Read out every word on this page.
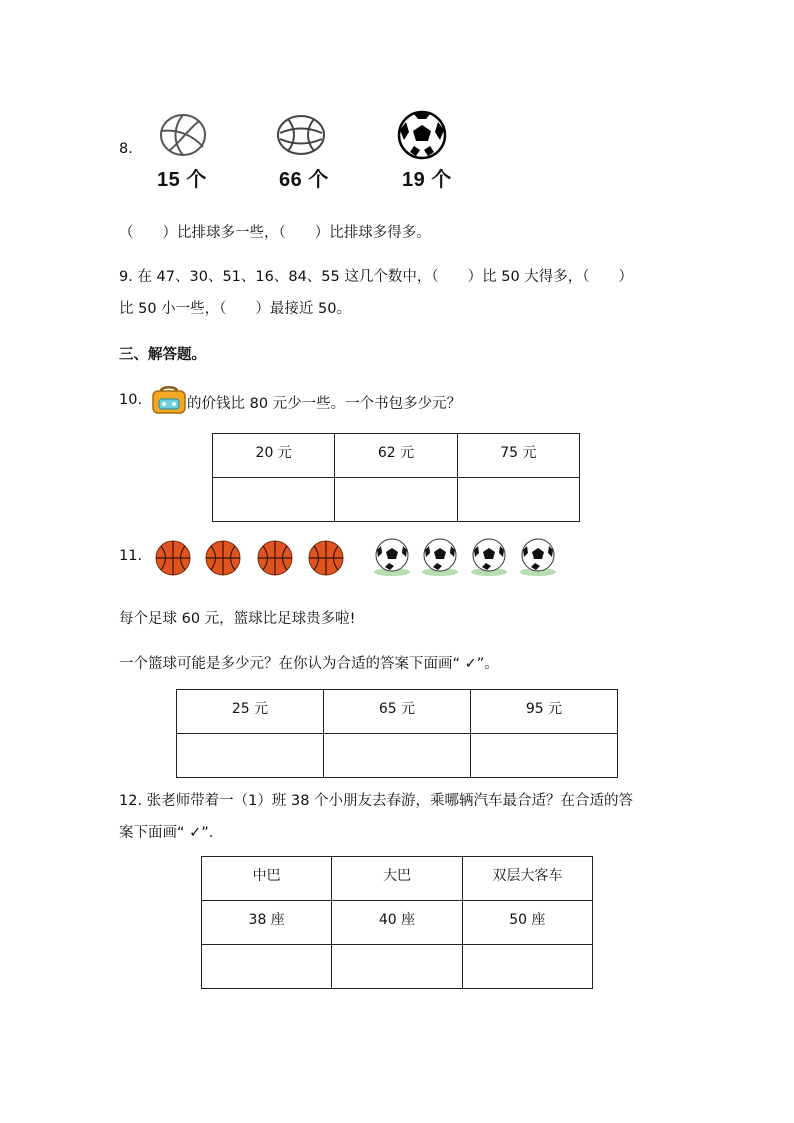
8.
15 个	66 个	19 个
（　　）比排球多一些，（　　）比排球多得多。
9. 在 47、30、51、16、84、55 这几个数中，（　　）比 50 大得多，（　　）
比 50 小一些，（　　）最接近 50。
三、解答题。
10.	的价钱比 80 元少一些。一个书包多少元？
20 元	62 元	75 元

11.
每个足球 60 元，篮球比足球贵多啦!
一个篮球可能是多少元？在你认为合适的答案下面画“ ✓”。
25 元	65 元	95 元

12. 张老师带着一（1）班 38 个小朋友去春游，乘哪辆汽车最合适？在合适的答
案下面画“ ✓”.
中巴	大巴	双层大客车
38 座	40 座	50 座
